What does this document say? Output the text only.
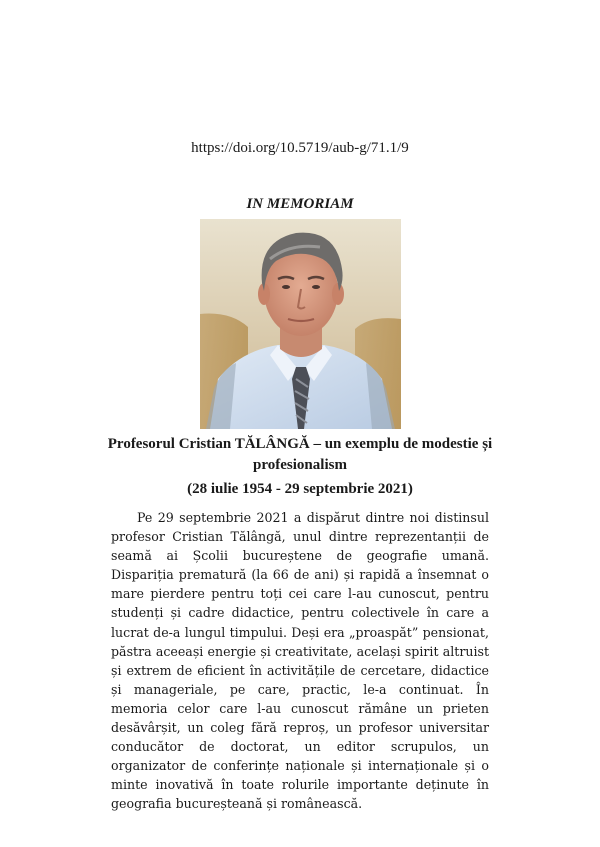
https://doi.org/10.5719/aub-g/71.1/9
IN MEMORIAM
Profesorul Cristian TĂLÂNGĂ – un exemplu de modestie și
profesionalism
(28 iulie 1954 - 29 septembrie 2021)

Pe 29 septembrie 2021 a dispărut dintre noi distinsul profesor Cristian Tălângă, unul dintre reprezentanții de seamă ai Școlii bucureștene de geografie umană. Dispariția prematură (la 66 de ani) și rapidă a însemnat o mare pierdere pentru toți cei care l-au cunoscut, pentru studenți și cadre didactice, pentru colectivele în care a lucrat de-a lungul timpului. Deși era „proaspăt” pensionat, păstra aceeași energie și creativitate, același spirit altruist și extrem de eficient în activitățile de cercetare, didactice și manageriale, pe care, practic, le-a continuat. În memoria celor care l-au cunoscut rămâne un prieten desăvârșit, un coleg fără reproș, un profesor universitar conducător de doctorat, un editor scrupulos, un organizator de conferințe naționale și internaționale și o minte inovativă în toate rolurile importante deținute în geografia bucureșteană și românească.
